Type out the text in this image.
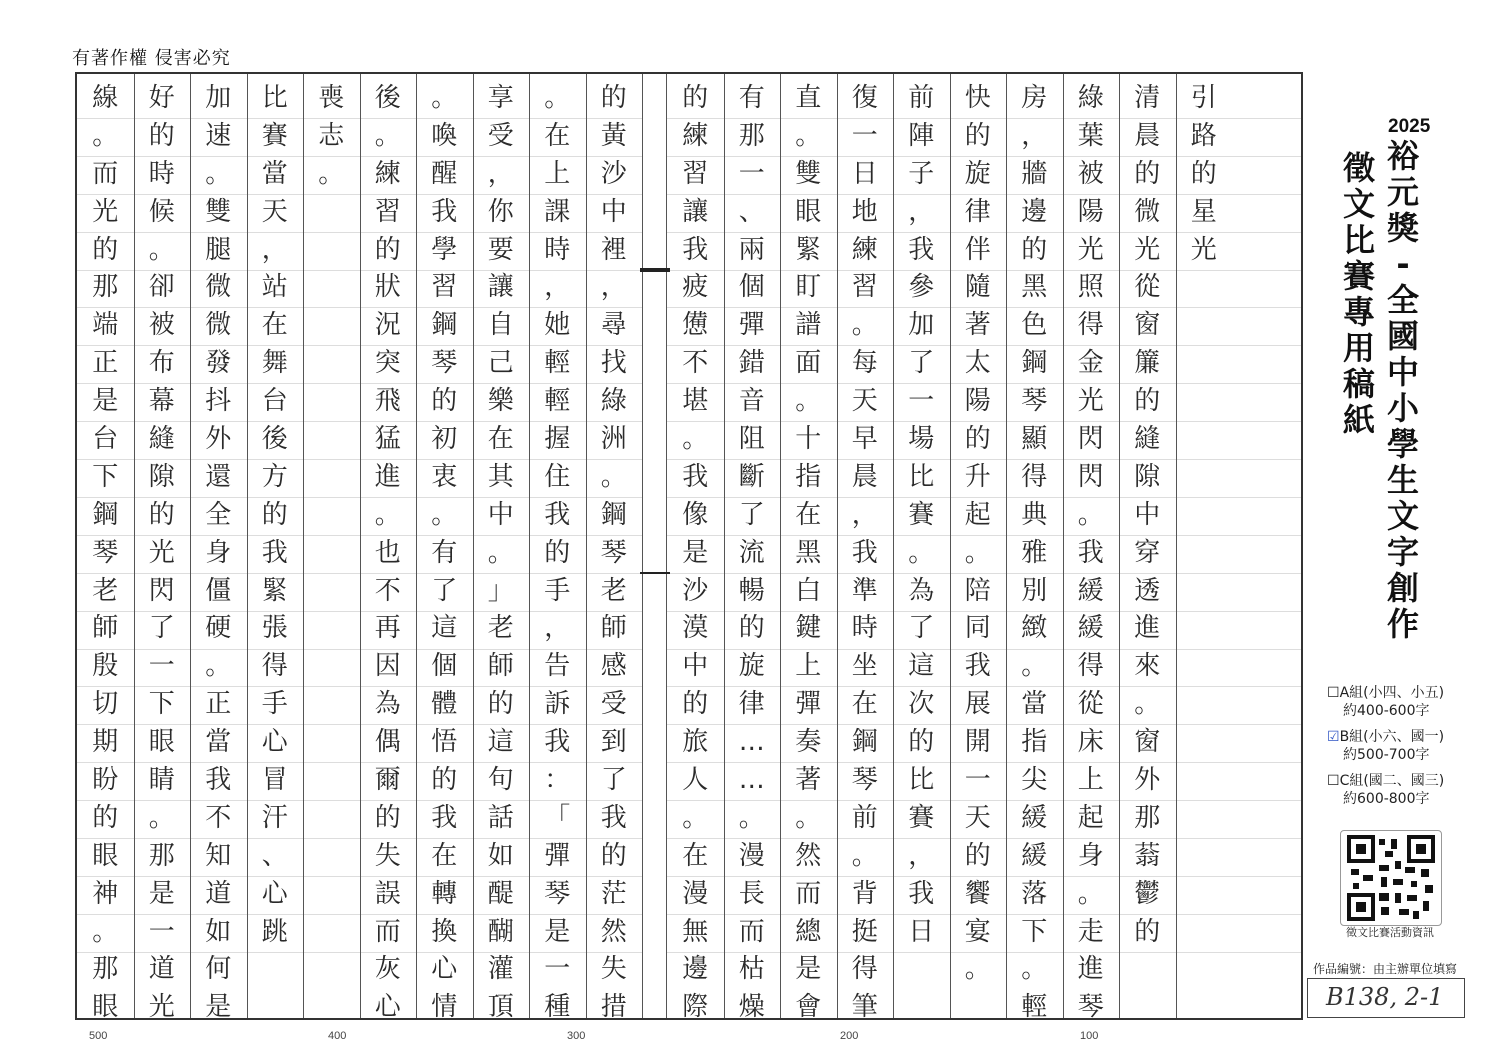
有著作權 侵害必究
線
。
而
光
的
那
端
正
是
台
下
鋼
琴
老
師
殷
切
期
盼
的
眼
神
。
那
眼
好
的
時
候
。
卻
被
布
幕
縫
隙
的
光
閃
了
一
下
眼
睛
。
那
是
一
道
光
加
速
。
雙
腿
微
微
發
抖
外
還
全
身
僵
硬
。
正
當
我
不
知
道
如
何
是
比
賽
當
天
，
站
在
舞
台
後
方
的
我
緊
張
得
手
心
冒
汗
、
心
跳
喪
志
。
後
。
練
習
的
狀
況
突
飛
猛
進
。
也
不
再
因
為
偶
爾
的
失
誤
而
灰
心
。
喚
醒
我
學
習
鋼
琴
的
初
衷
。
有
了
這
個
體
悟
的
我
在
轉
換
心
情
享
受
，
你
要
讓
自
己
樂
在
其
中
。
」
老
師
的
這
句
話
如
醍
醐
灌
頂
。
在
上
課
時
，
她
輕
輕
握
住
我
的
手
，
告
訴
我
：
「
彈
琴
是
一
種
的
黃
沙
中
裡
，
尋
找
綠
洲
。
鋼
琴
老
師
感
受
到
了
我
的
茫
然
失
措
的
練
習
讓
我
疲
憊
不
堪
。
我
像
是
沙
漠
中
的
旅
人
。
在
漫
無
邊
際
有
那
一
、
兩
個
彈
錯
音
阻
斷
了
流
暢
的
旋
律
…
…
。
漫
長
而
枯
燥
直
。
雙
眼
緊
盯
譜
面
。
十
指
在
黑
白
鍵
上
彈
奏
著
。
然
而
總
是
會
復
一
日
地
練
習
。
每
天
早
晨
，
我
準
時
坐
在
鋼
琴
前
。
背
挺
得
筆
前
陣
子
，
我
參
加
了
一
場
比
賽
。
為
了
這
次
的
比
賽
，
我
日
快
的
旋
律
伴
隨
著
太
陽
的
升
起
。
陪
同
我
展
開
一
天
的
饗
宴
。
房
，
牆
邊
的
黑
色
鋼
琴
顯
得
典
雅
別
緻
。
當
指
尖
緩
緩
落
下
。
輕
綠
葉
被
陽
光
照
得
金
光
閃
閃
。
我
緩
緩
得
從
床
上
起
身
。
走
進
琴
清
晨
的
微
光
從
窗
簾
的
縫
隙
中
穿
透
進
來
。
窗
外
那
蓊
鬱
的
引
路
的
星
光
500	400	300	200	100
2025
裕
元
獎
-
全
國
中
小
學
生
文
字
創
作
徵
文
比
賽
專
用
稿
紙
☐A組(小四、小五)
約400-600字
☑B組(小六、國一)
約500-700字
☐C組(國二、國三)
約600-800字
徵文比賽活動資訊
作品編號：由主辦單位填寫
B138, 2-1
